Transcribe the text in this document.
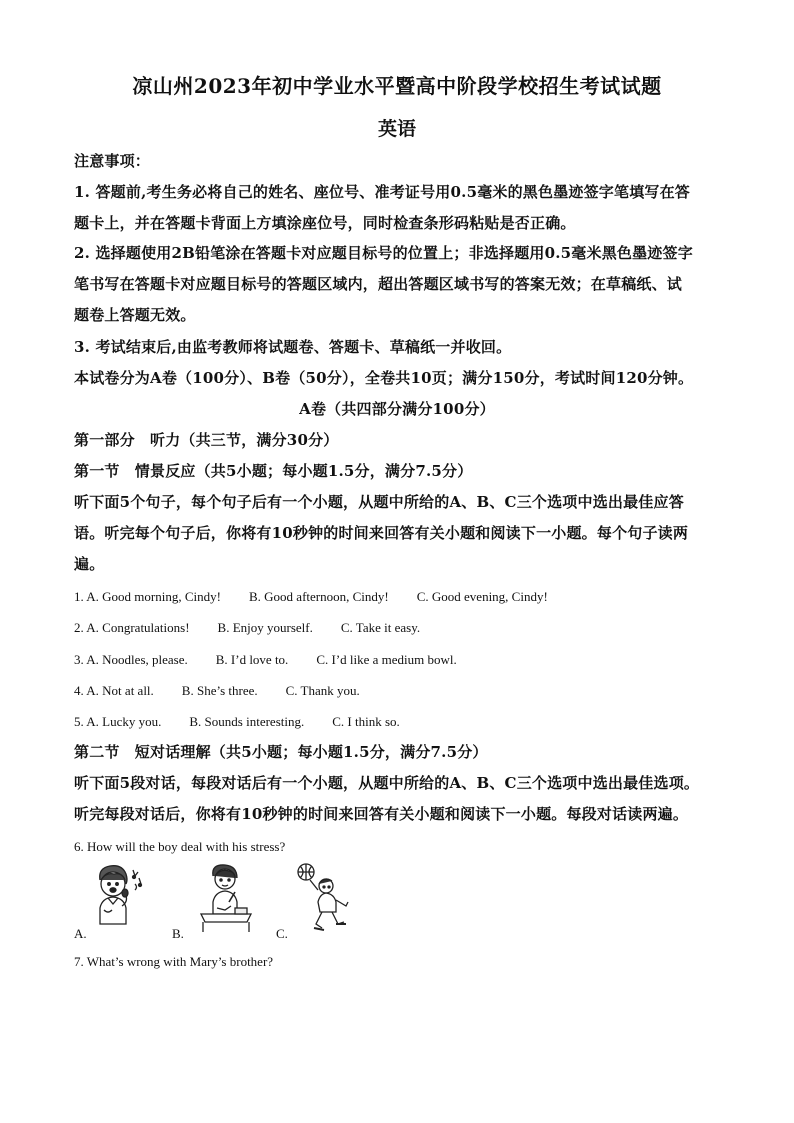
凉山州2023年初中学业水平暨高中阶段学校招生考试试题
英语
注意事项：
1. 答题前,考生务必将自己的姓名、座位号、准考证号用0.5毫米的黑色墨迹签字笔填写在答
题卡上，并在答题卡背面上方填涂座位号，同时检查条形码粘贴是否正确。
2. 选择题使用2B铅笔涂在答题卡对应题目标号的位置上；非选择题用0.5毫米黑色墨迹签字
笔书写在答题卡对应题目标号的答题区域内，超出答题区域书写的答案无效；在草稿纸、试
题卷上答题无效。
3. 考试结束后,由监考教师将试题卷、答题卡、草稿纸一并收回。
本试卷分为A卷（100分）、B卷（50分），全卷共10页；满分150分，考试时间120分钟。
A卷（共四部分满分100分）
第一部分　听力（共三节，满分30分）
第一节　情景反应（共5小题；每小题1.5分，满分7.5分）
听下面5个句子，每个句子后有一个小题，从题中所给的A、B、C三个选项中选出最佳应答
语。听完每个句子后，你将有10秒钟的时间来回答有关小题和阅读下一小题。每个句子读两
遍。
1. A. Good morning, Cindy! B. Good afternoon, Cindy! C. Good evening, Cindy!
2. A. Congratulations! B. Enjoy yourself. C. Take it easy.
3. A. Noodles, please. B. I’d love to. C. I’d like a medium bowl.
4. A. Not at all. B. She’s three. C. Thank you.
5. A. Lucky you. B. Sounds interesting. C. I think so.
第二节　短对话理解（共5小题；每小题1.5分，满分7.5分）
听下面5段对话，每段对话后有一个小题，从题中所给的A、B、C三个选项中选出最佳选项。
听完每段对话后，你将有10秒钟的时间来回答有关小题和阅读下一小题。每段对话读两遍。
6. How will the boy deal with his stress?
A.	B.	C.
7. What’s wrong with Mary’s brother?
